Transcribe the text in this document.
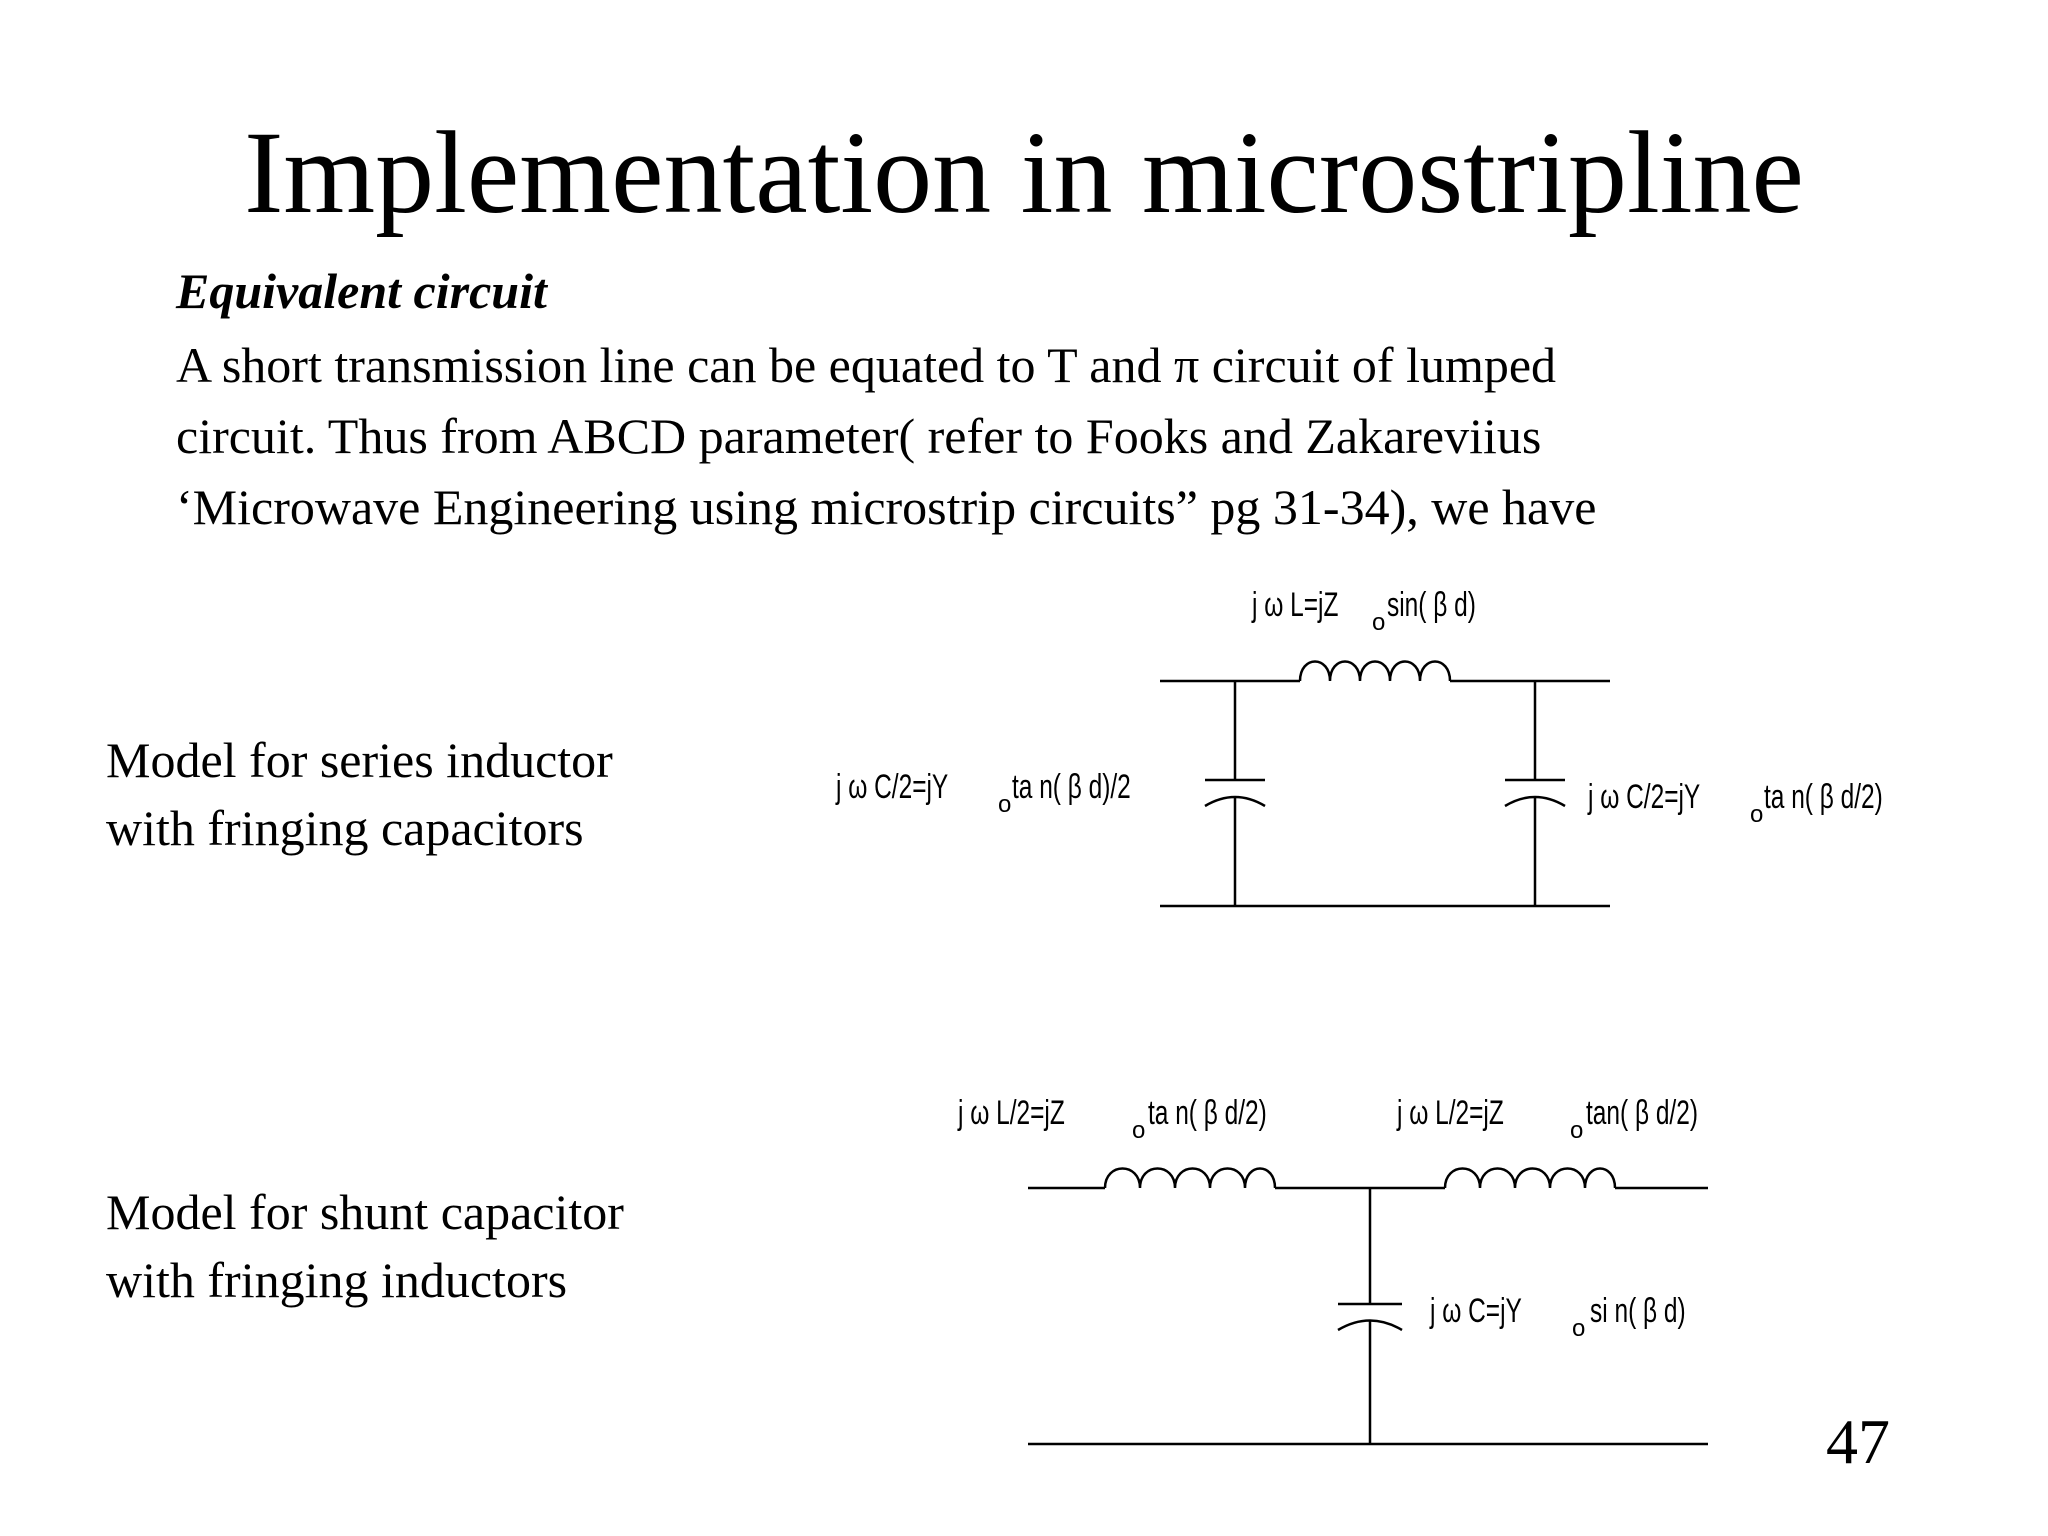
Implementation in microstripline
Equivalent circuit
A short transmission line can be equated to T and π circuit of lumped
circuit. Thus from ABCD parameter( refer to Fooks and Zakareviius
‘Microwave Engineering using microstrip circuits” pg 31-34), we have
Model for series inductor
with fringing capacitors
Model for shunt capacitor
with fringing inductors
j ω L=jZ o sin( β d)
j ω C/2=jY o ta n( β d)/2	j ω C/2=jY o ta n( β d/2)
j ω L/2=jZ	o ta n( β d/2)	j ω L/2=jZ	o tan( β d/2)
j ω C=jY o si n( β d)
47
